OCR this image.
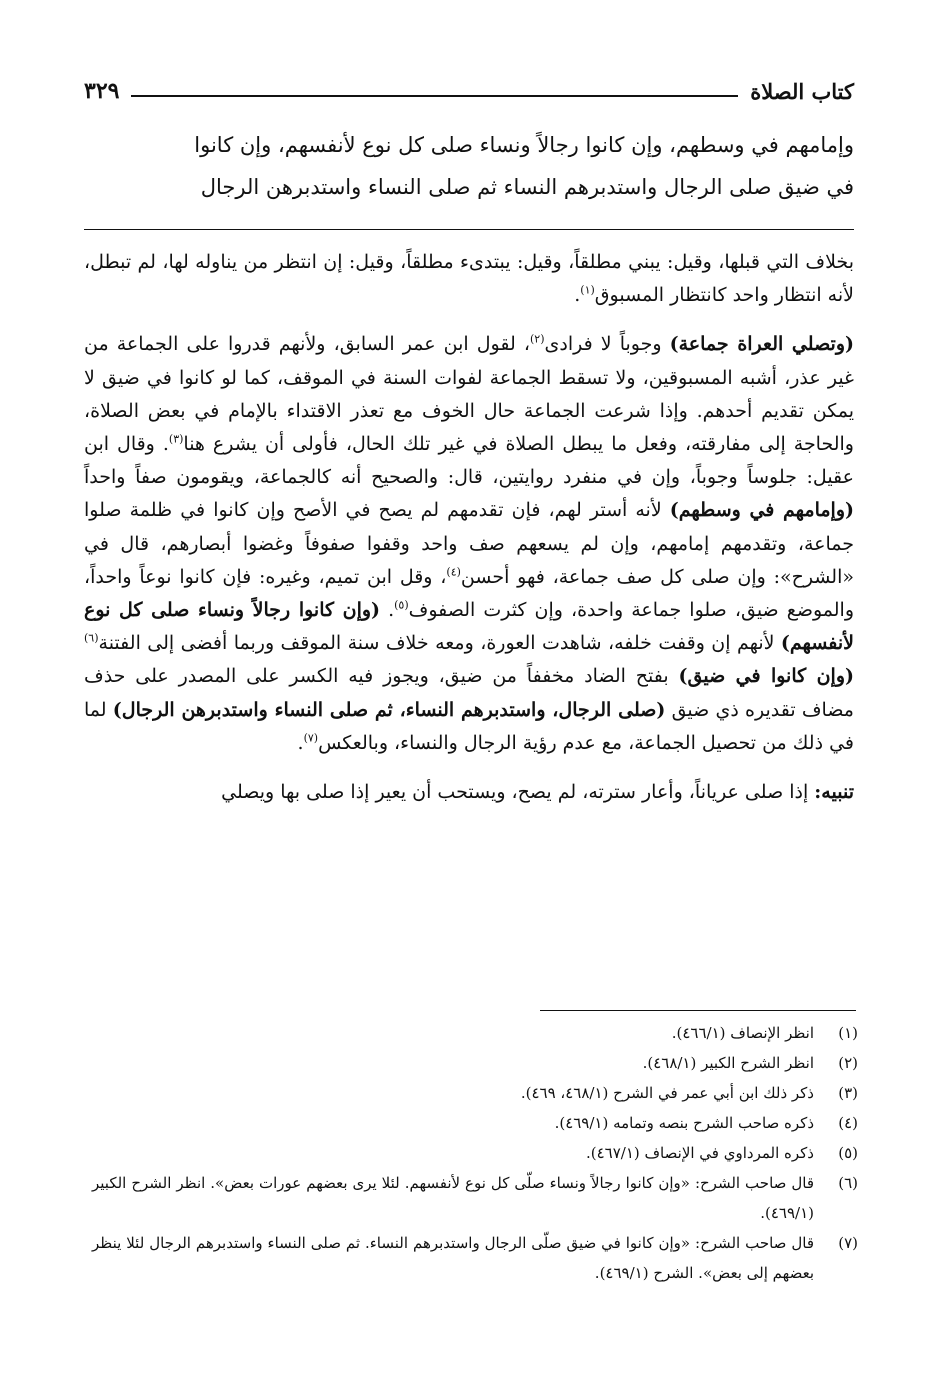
كتاب الصلاة
٣٢٩

وإمامهم في وسطهم، وإن كانوا رجالاً ونساء صلى كل نوع لأنفسهم، وإن كانوا

في ضيق صلى الرجال واستدبرهم النساء ثم صلى النساء واستدبرهن الرجال

بخلاف التي قبلها، وقيل: يبني مطلقاً، وقيل: يبتدىء مطلقاً، وقيل: إن انتظر من يناوله لها، لم تبطل، لأنه انتظار واحد كانتظار المسبوق$^{(١)}$.

(وتصلي العراة جماعة) وجوباً لا فرادى$^{(٢)}$، لقول ابن عمر السابق، ولأنهم قدروا على الجماعة من غير عذر، أشبه المسبوقين، ولا تسقط الجماعة لفوات السنة في الموقف، كما لو كانوا في ضيق لا يمكن تقديم أحدهم. وإذا شرعت الجماعة حال الخوف مع تعذر الاقتداء بالإمام في بعض الصلاة، والحاجة إلى مفارقته، وفعل ما يبطل الصلاة في غير تلك الحال، فأولى أن يشرع هنا$^{(٣)}$. وقال ابن عقيل: جلوساً وجوباً، وإن في منفرد روايتين، قال: والصحيح أنه كالجماعة، ويقومون صفاً واحداً (وإمامهم في وسطهم) لأنه أستر لهم، فإن تقدمهم لم يصح في الأصح وإن كانوا في ظلمة صلوا جماعة، وتقدمهم إمامهم، وإن لم يسعهم صف واحد وقفوا صفوفاً وغضوا أبصارهم، قال في «الشرح»: وإن صلى كل صف جماعة، فهو أحسن$^{(٤)}$، وقل ابن تميم، وغيره: فإن كانوا نوعاً واحداً، والموضع ضيق، صلوا جماعة واحدة، وإن كثرت الصفوف$^{(٥)}$. (وإن كانوا رجالاً ونساء صلى كل نوع لأنفسهم) لأنهم إن وقفت خلفه، شاهدت العورة، ومعه خلاف سنة الموقف وربما أفضى إلى الفتنة$^{(٦)}$ (وإن كانوا في ضيق) بفتح الضاد مخففاً من ضيق، ويجوز فيه الكسر على المصدر على حذف مضاف تقديره ذي ضيق (صلى الرجال، واستدبرهم النساء، ثم صلى النساء واستدبرهن الرجال) لما في ذلك من تحصيل الجماعة، مع عدم رؤية الرجال والنساء، وبالعكس$^{(٧)}$.

تنبيه: إذا صلى عرياناً، وأعار سترته، لم يصح، ويستحب أن يعير إذا صلى بها ويصلي

(١)
انظر الإنصاف (٤٦٦/١).
(٢)
انظر الشرح الكبير (٤٦٨/١).
(٣)
ذكر ذلك ابن أبي عمر في الشرح (٤٦٨/١، ٤٦٩).
(٤)
ذكره صاحب الشرح بنصه وتمامه (٤٦٩/١).
(٥)
ذكره المرداوي في الإنصاف (٤٦٧/١).
(٦)
قال صاحب الشرح: «وإن كانوا رجالاً ونساء صلّى كل نوع لأنفسهم. لئلا يرى بعضهم عورات بعض». انظر الشرح الكبير (٤٦٩/١).
(٧)
قال صاحب الشرح: «وإن كانوا في ضيق صلّى الرجال واستدبرهم النساء. ثم صلى النساء واستدبرهم الرجال لئلا ينظر بعضهم إلى بعض». الشرح (٤٦٩/١).
